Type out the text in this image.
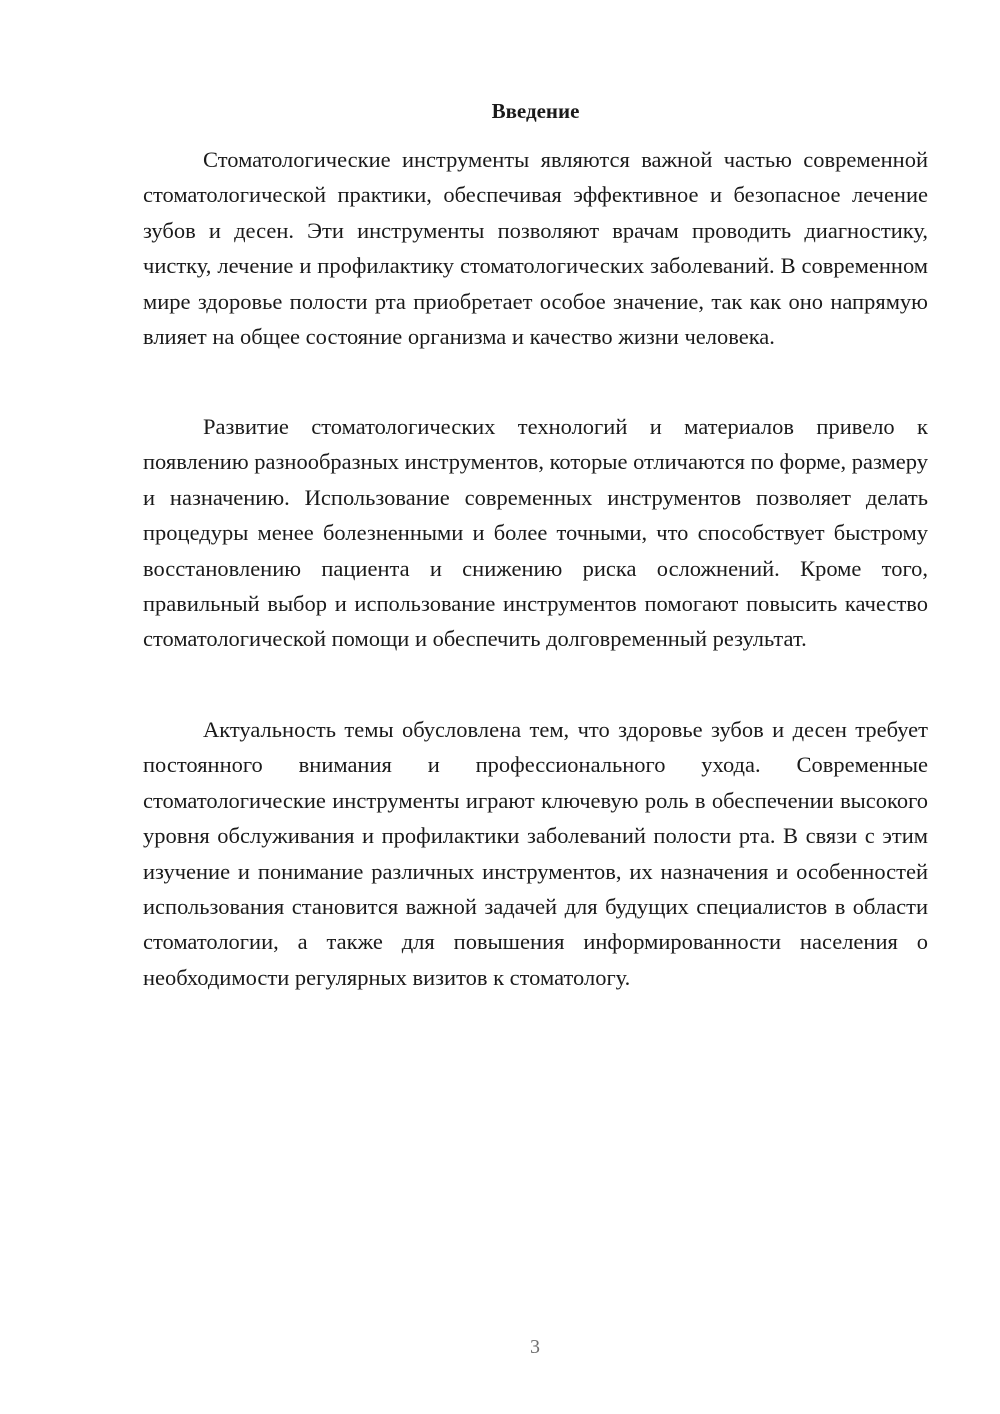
Введение

Стоматологические инструменты являются важной частью современной стоматологической практики, обеспечивая эффективное и безопасное лечение зубов и десен. Эти инструменты позволяют врачам проводить диагностику, чистку, лечение и профилактику стоматологических заболеваний. В современном мире здоровье полости рта приобретает особое значение, так как оно напрямую влияет на общее состояние организма и качество жизни человека.

Развитие стоматологических технологий и материалов привело к появлению разнообразных инструментов, которые отличаются по форме, размеру и назначению. Использование современных инструментов позволяет делать процедуры менее болезненными и более точными, что способствует быстрому восстановлению пациента и снижению риска осложнений. Кроме того, правильный выбор и использование инструментов помогают повысить качество стоматологической помощи и обеспечить долговременный результат.

Актуальность темы обусловлена тем, что здоровье зубов и десен требует постоянного внимания и профессионального ухода. Современные стоматологические инструменты играют ключевую роль в обеспечении высокого уровня обслуживания и профилактики заболеваний полости рта. В связи с этим изучение и понимание различных инструментов, их назначения и особенностей использования становится важной задачей для будущих специалистов в области стоматологии, а также для повышения информированности населения о необходимости регулярных визитов к стоматологу.

3
